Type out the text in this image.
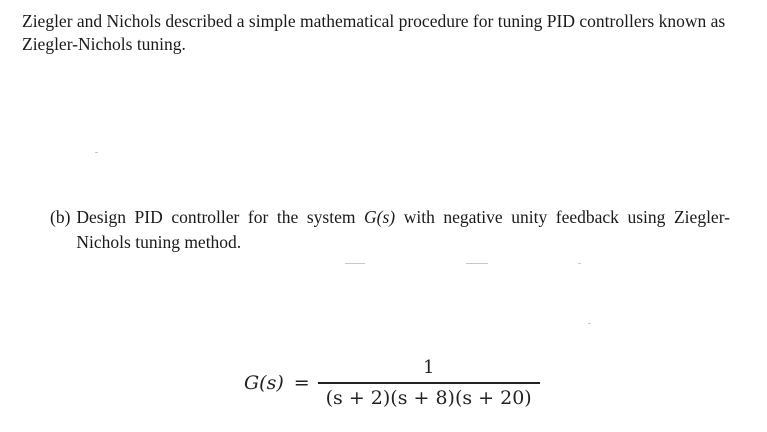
Ziegler and Nichols described a simple mathematical procedure for tuning PID controllers known as Ziegler-Nichols tuning.

(b) Design PID controller for the system G(s) with negative unity feedback using Ziegler-Nichols tuning method.
$G(s) = \frac{1}{(s + 2)(s + 8)(s + 20)}$
